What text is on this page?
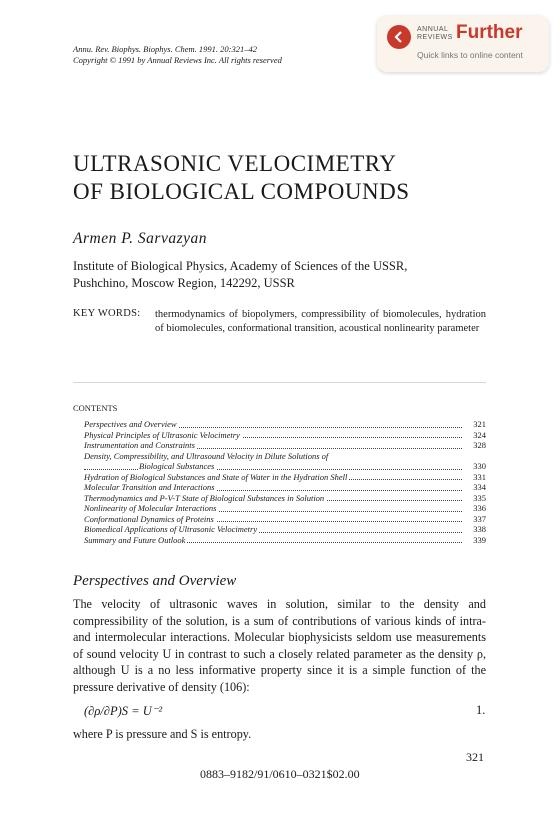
Annu. Rev. Biophys. Biophys. Chem. 1991. 20:321–42
Copyright © 1991 by Annual Reviews Inc. All rights reserved
ANNUAL
REVIEWS Further
Quick links to online content
ULTRASONIC VELOCIMETRY
OF BIOLOGICAL COMPOUNDS
Armen P. Sarvazyan
Institute of Biological Physics, Academy of Sciences of the USSR,
Pushchino, Moscow Region, 142292, USSR
KEY WORDS: thermodynamics of biopolymers, compressibility of biomolecules, hydration of biomolecules, conformational transition, acoustical nonlinearity parameter
CONTENTS
Perspectives and Overview	321
Physical Principles of Ultrasonic Velocimetry	324
Instrumentation and Constraints	328
Density, Compressibility, and Ultrasound Velocity in Dilute Solutions of
Biological Substances	330
Hydration of Biological Substances and State of Water in the Hydration Shell	331
Molecular Transition and Interactions	334
Thermodynamics and P-V-T State of Biological Substances in Solution	335
Nonlinearity of Molecular Interactions	336
Conformational Dynamics of Proteins	337
Biomedical Applications of Ultrasonic Velocimetry	338
Summary and Future Outlook	339
Perspectives and Overview
The velocity of ultrasonic waves in solution, similar to the density and compressibility of the solution, is a sum of contributions of various kinds of intra- and intermolecular interactions. Molecular biophysicists seldom use measurements of sound velocity U in contrast to such a closely related parameter as the density ρ, although U is a no less informative property since it is a simple function of the pressure derivative of density (106):
(∂ρ/∂P)S = U⁻²	1.
where P is pressure and S is entropy.
321
0883–9182/91/0610–0321$02.00
